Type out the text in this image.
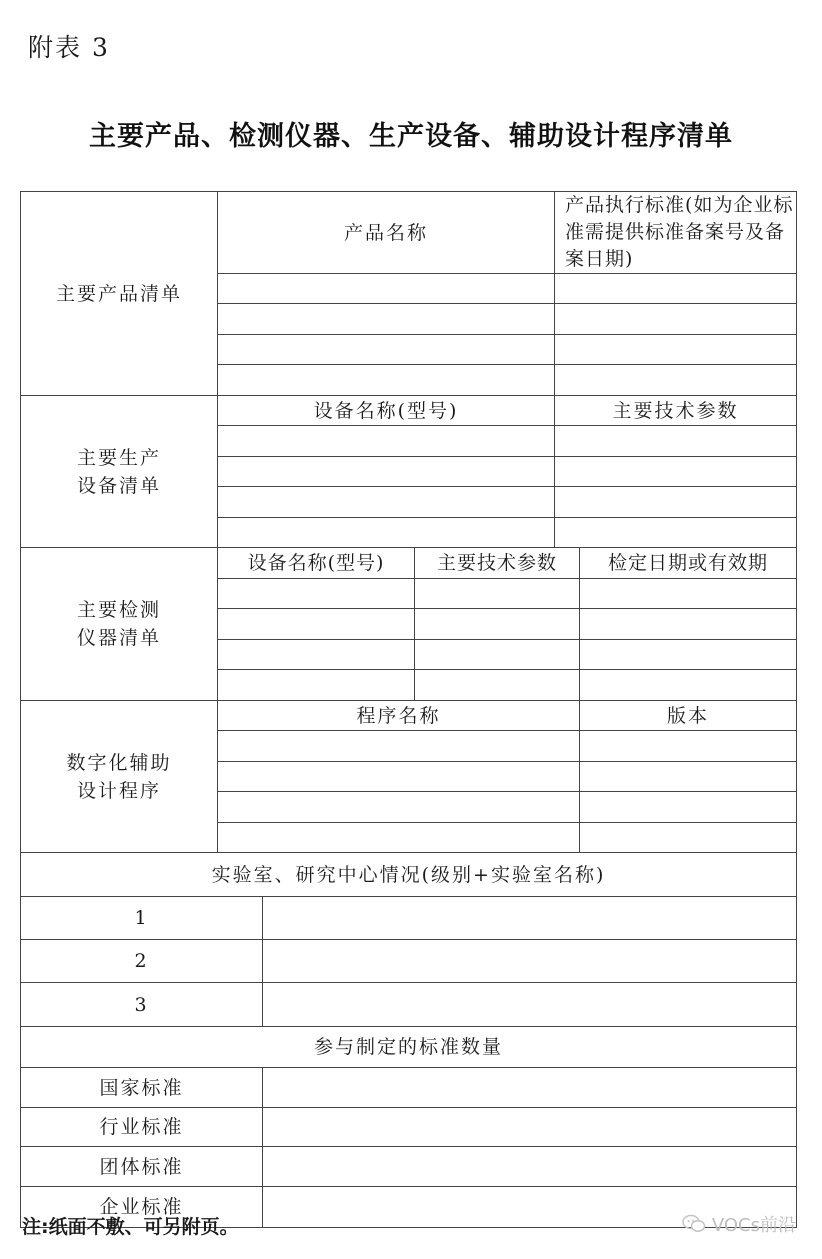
附表 3
主要产品、检测仪器、生产设备、辅助设计程序清单
主要产品清单	产品名称			产品执行标准(如为企业标准需提供标准备案号及备案日期)	

主要生产
设备清单	设备名称(型号)			主要技术参数	

主要检测
仪器清单	设备名称(型号)		主要技术参数		检定日期或有效期

数字化辅助
设计程序	程序名称				版本

实验室、研究中心情况(级别+实验室名称)					
1					
2					
3					
参与制定的标准数量					
国家标准					
行业标准					
团体标准					
企业标准					
注:纸面不敷、可另附页。	VOCs前沿
